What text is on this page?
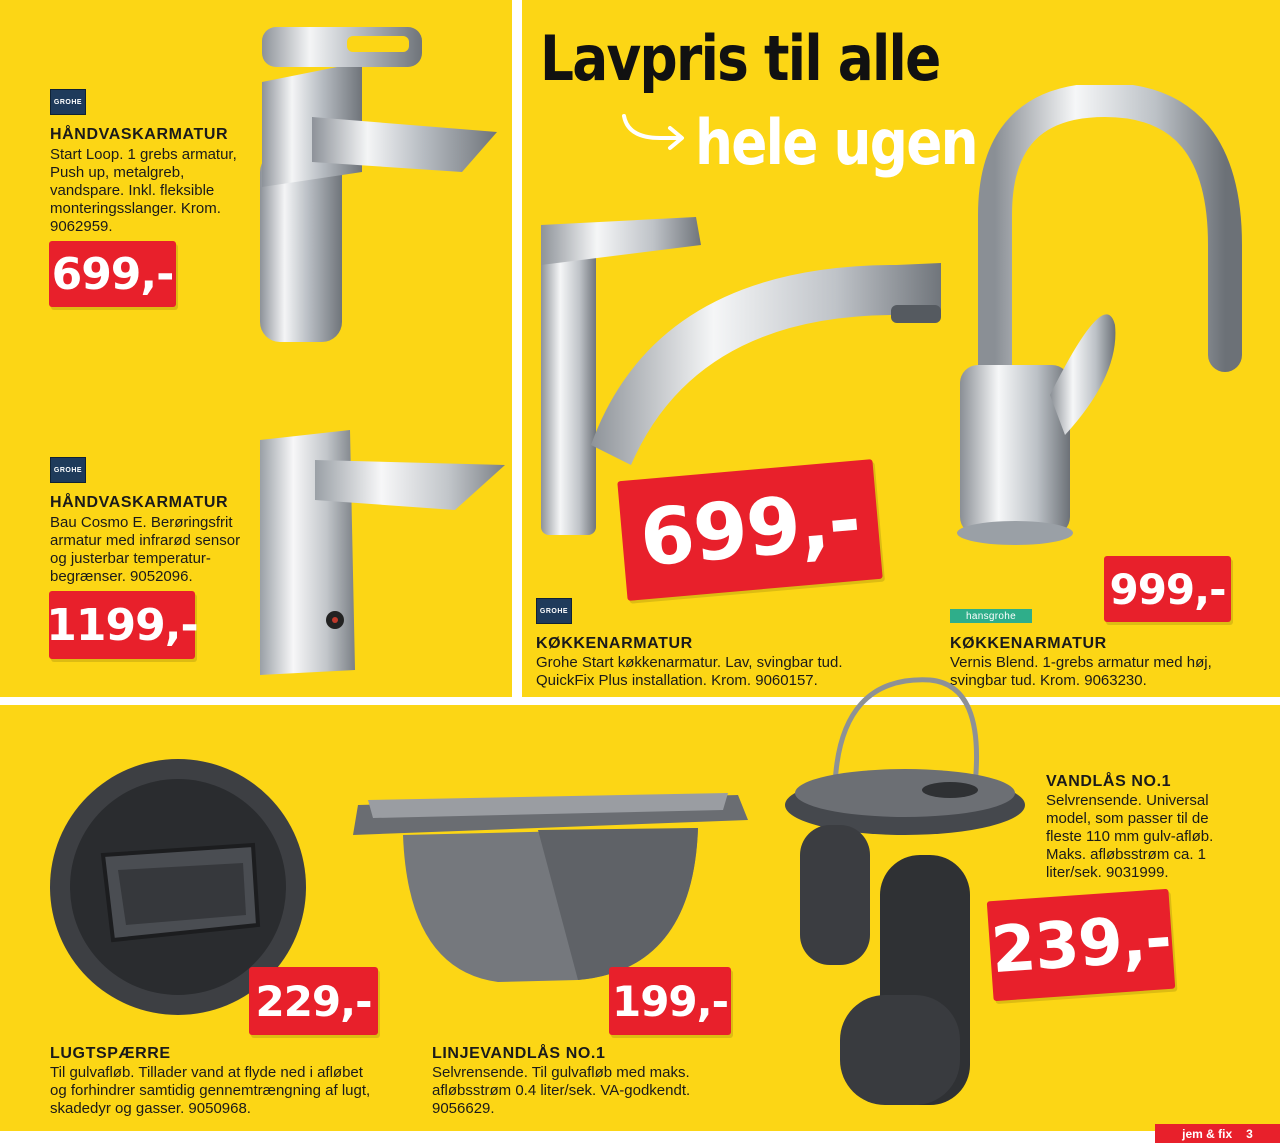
Lavpris til alle
hele ugen
GROHE
HÅNDVASKARMATUR

Start Loop. 1 grebs armatur, Push up, metalgreb, vandspare. Inkl. fleksible monteringsslanger. Krom. 9062959.

699,-
GROHE
HÅNDVASKARMATUR

Bau Cosmo E. Berøringsfrit armatur med infrarød sensor og justerbar temperatur-begrænser. 9052096.

1199,-
699,-
GROHE
KØKKENARMATUR

Grohe Start køkkenarmatur. Lav, svingbar tud. QuickFix Plus installation. Krom. 9060157.

999,-
hansgrohe
KØKKENARMATUR

Vernis Blend. 1-grebs armatur med høj, svingbar tud. Krom. 9063230.

229,-
LUGTSPÆRRE

Til gulvafløb. Tillader vand at flyde ned i afløbet og forhindrer samtidig gennemtrængning af lugt, skadedyr og gasser. 9050968.

199,-
LINJEVANDLÅS NO.1

Selvrensende. Til gulvafløb med maks. afløbsstrøm 0.4 liter/sek. VA-godkendt. 9056629.

239,-
VANDLÅS NO.1

Selvrensende. Universal model, som passer til de fleste 110 mm gulv-afløb. Maks. afløbsstrøm ca. 1 liter/sek. 9031999.

jem & fix 3
